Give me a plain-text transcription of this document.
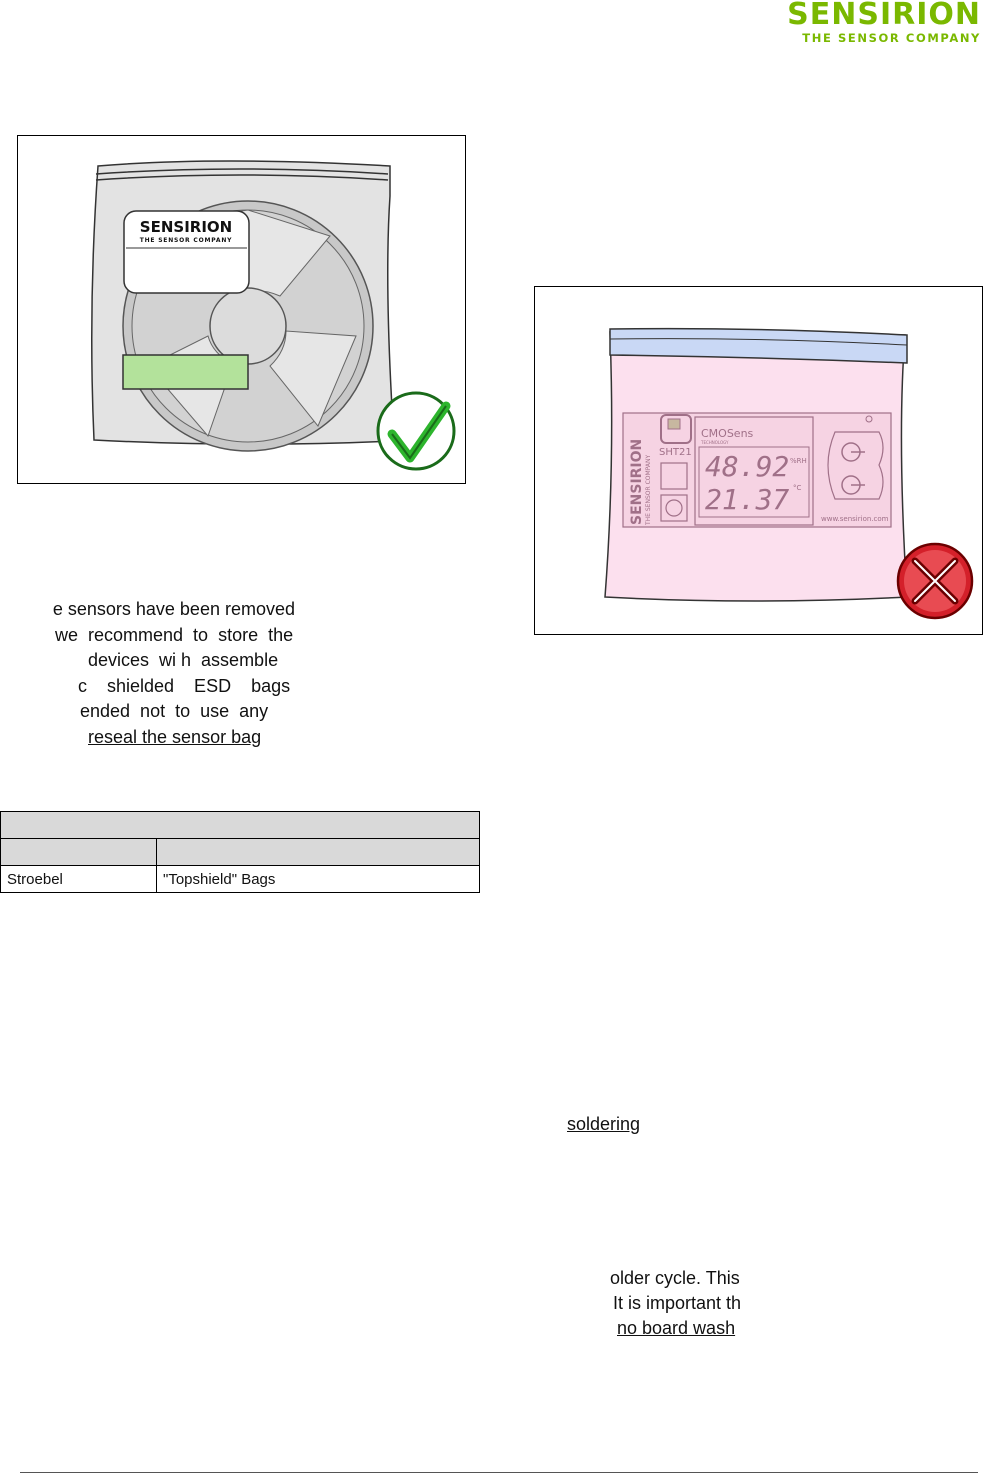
SENSIRION
THE SENSOR COMPANY
SENSIRION
THE SENSOR COMPANY
SENSIRION THE SENSOR COMPANY
SHT21
CMOSens
TECHNOLOGY
48.92 %RH
21.37 °C
www.sensirion.com
e sensors have been removed
we  recommend  to  store  the
devices  wi h  assemble
c    shielded    ESD    bags
ended  not  to  use  any
reseal the sensor bag

Stroebel	"Topshield" Bags
soldering
older cycle. This
It is important th
no board wash
